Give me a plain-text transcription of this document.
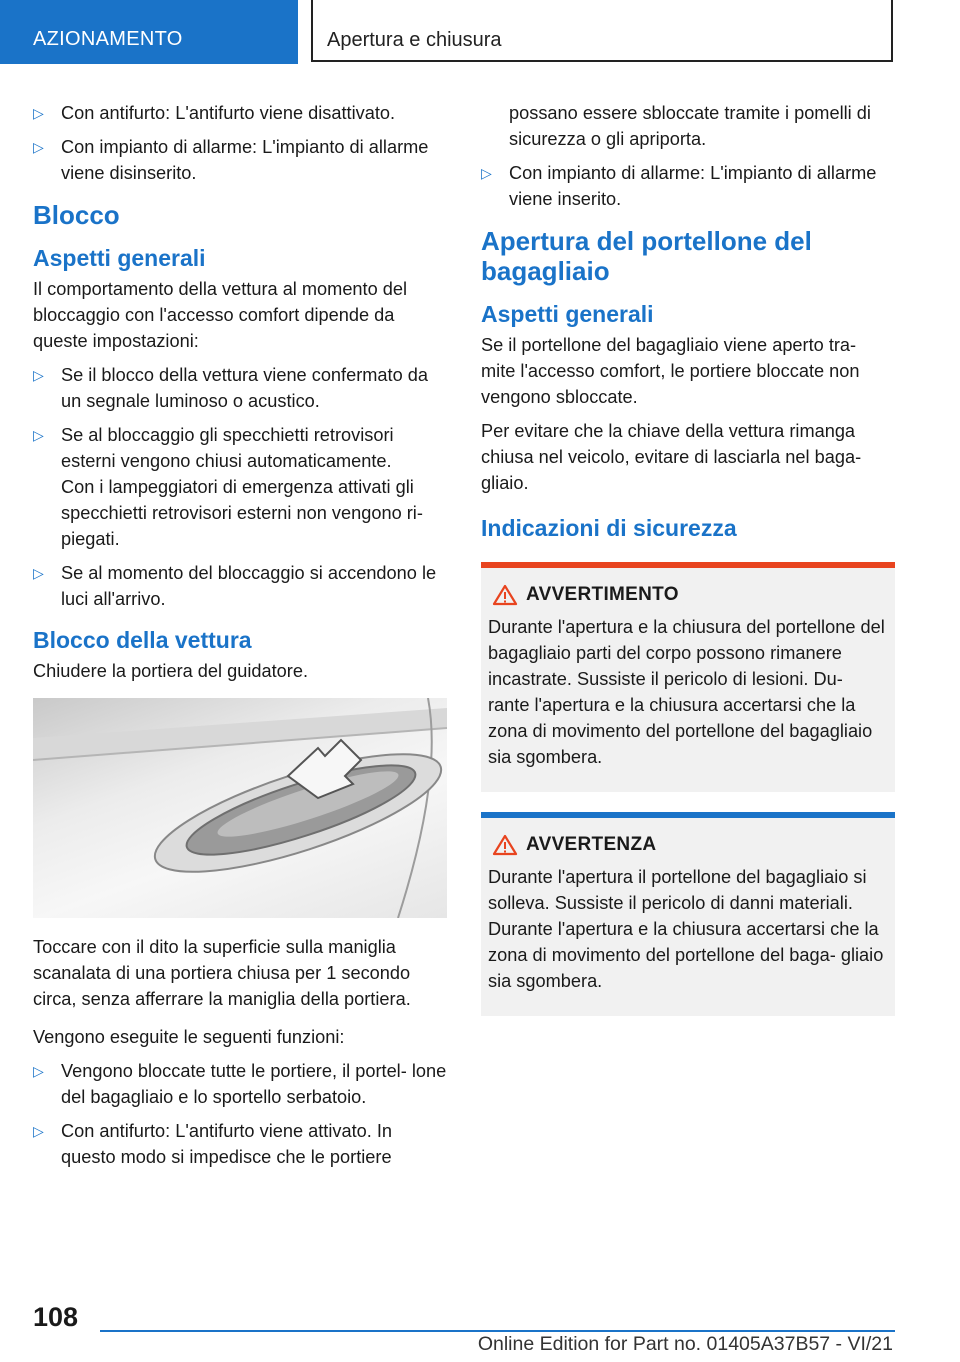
AZIONAMENTO	Apertura e chiusura
▷ Con antifurto: L'antifurto viene disattivato.
▷ Con impianto di allarme: L'impianto di allarme viene disinserito.
Blocco
Aspetti generali
Il comportamento della vettura al momento del bloccaggio con l'accesso comfort dipende da queste impostazioni:
▷ Se il blocco della vettura viene confermato da un segnale luminoso o acustico.
▷ Se al bloccaggio gli specchietti retrovisori esterni vengono chiusi automaticamente.
Con i lampeggiatori di emergenza attivati gli specchietti retrovisori esterni non vengono ri‐ piegati.
▷ Se al momento del bloccaggio si accendono le luci all'arrivo.
Blocco della vettura
Chiudere la portiera del guidatore.
Toccare con il dito la superficie sulla maniglia scanalata di una portiera chiusa per 1 secondo circa, senza afferrare la maniglia della portiera.
Vengono eseguite le seguenti funzioni:
▷ Vengono bloccate tutte le portiere, il portel‐ lone del bagagliaio e lo sportello serbatoio.
▷ Con antifurto: L'antifurto viene attivato. In questo modo si impedisce che le portiere
possano essere sbloccate tramite i pomelli di sicurezza o gli apriporta.
▷ Con impianto di allarme: L'impianto di allarme viene inserito.
Apertura del portellone del bagagliaio
Aspetti generali
Se il portellone del bagagliaio viene aperto tra‐ mite l'accesso comfort, le portiere bloccate non vengono sbloccate.
Per evitare che la chiave della vettura rimanga chiusa nel veicolo, evitare di lasciarla nel baga‐ gliaio.
Indicazioni di sicurezza
AVVERTIMENTO
Durante l'apertura e la chiusura del portellone del bagagliaio parti del corpo possono rimanere incastrate. Sussiste il pericolo di lesioni. Du‐ rante l'apertura e la chiusura accertarsi che la zona di movimento del portellone del bagagliaio sia sgombera.
AVVERTENZA
Durante l'apertura il portellone del bagagliaio si solleva. Sussiste il pericolo di danni materiali. Durante l'apertura e la chiusura accertarsi che la zona di movimento del portellone del baga‐ gliaio sia sgombera.
108
Online Edition for Part no. 01405A37B57 - VI/21
